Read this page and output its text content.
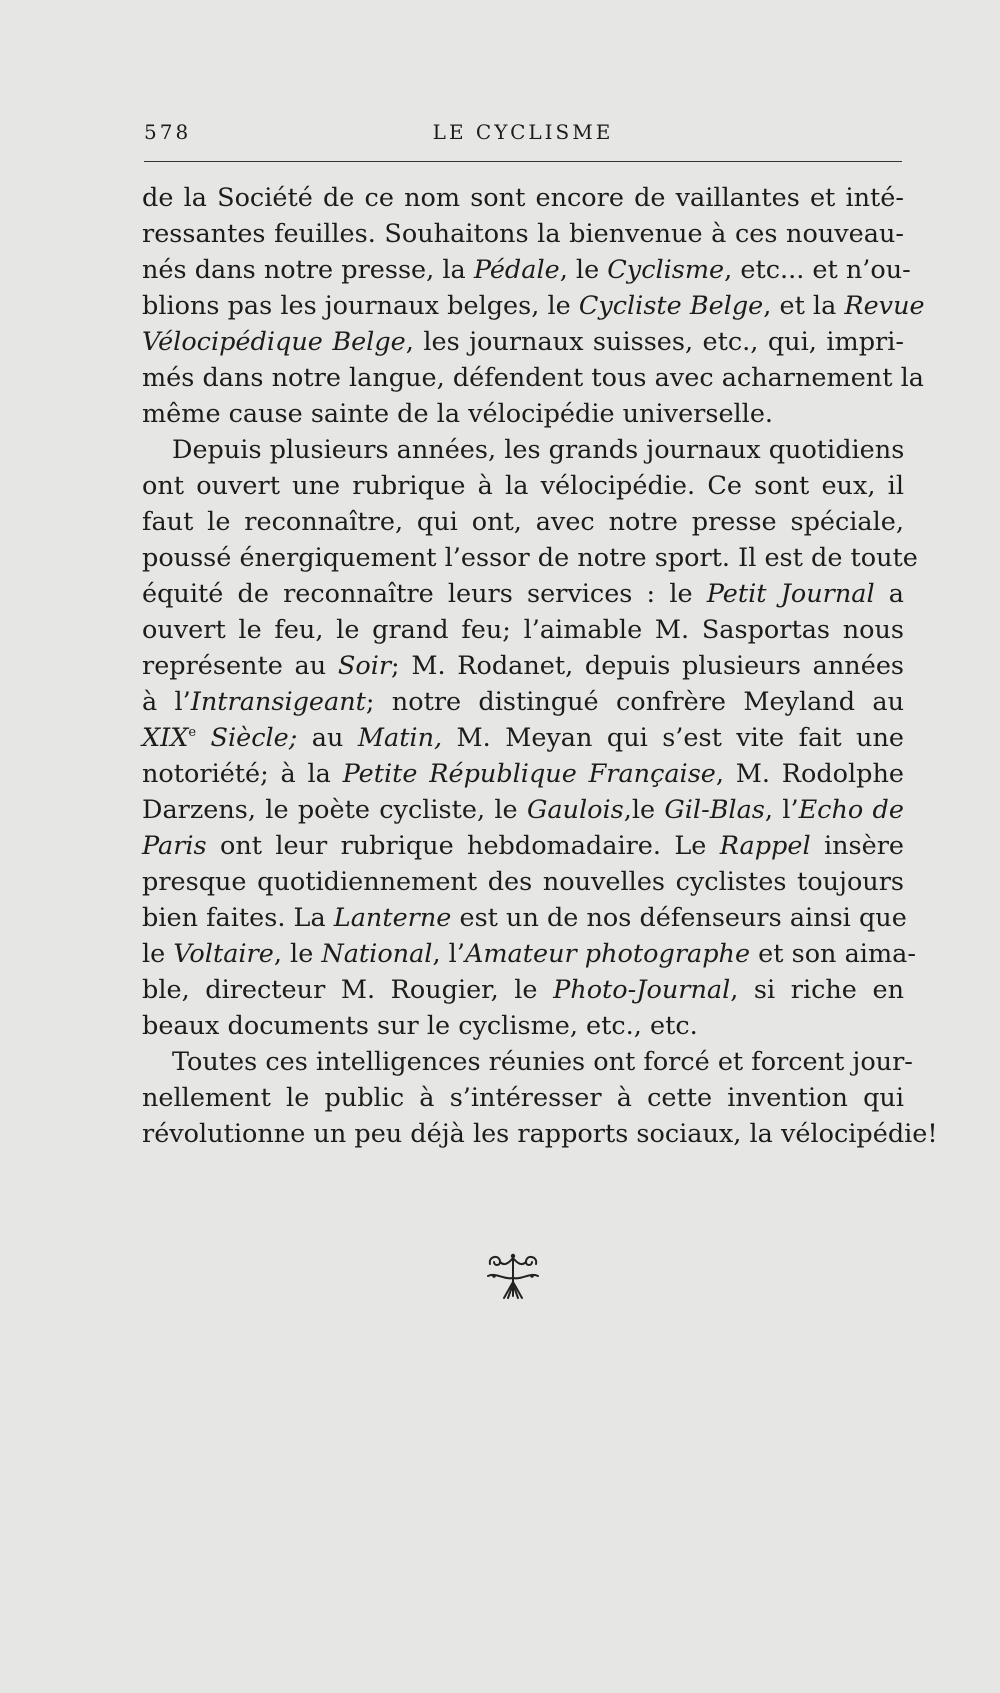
578	LE CYCLISME
de la Société de ce nom sont encore de vaillantes et inté-
ressantes feuilles. Souhaitons la bienvenue à ces nouveau-
nés dans notre presse, la Pédale, le Cyclisme, etc... et n’ou-
blions pas les journaux belges, le Cycliste Belge, et la Revue
Vélocipédique Belge, les journaux suisses, etc., qui, impri-
més dans notre langue, défendent tous avec acharnement la
même cause sainte de la vélocipédie universelle.
Depuis plusieurs années, les grands journaux quotidiens
ont ouvert une rubrique à la vélocipédie. Ce sont eux, il
faut le reconnaître, qui ont, avec notre presse spéciale,
poussé énergiquement l’essor de notre sport. Il est de toute
équité de reconnaître leurs services : le Petit Journal a
ouvert le feu, le grand feu; l’aimable M. Sasportas nous
représente au Soir; M. Rodanet, depuis plusieurs années
à l’Intransigeant; notre distingué confrère Meyland au
XIXe Siècle; au Matin, M. Meyan qui s’est vite fait une
notoriété; à la Petite République Française, M. Rodolphe
Darzens, le poète cycliste, le Gaulois,le Gil-Blas, l’Echo de
Paris ont leur rubrique hebdomadaire. Le Rappel insère
presque quotidiennement des nouvelles cyclistes toujours
bien faites. La Lanterne est un de nos défenseurs ainsi que
le Voltaire, le National, l’Amateur photographe et son aima-
ble, directeur M. Rougier, le Photo-Journal, si riche en
beaux documents sur le cyclisme, etc., etc.
Toutes ces intelligences réunies ont forcé et forcent jour-
nellement le public à s’intéresser à cette invention qui
révolutionne un peu déjà les rapports sociaux, la vélocipédie!
